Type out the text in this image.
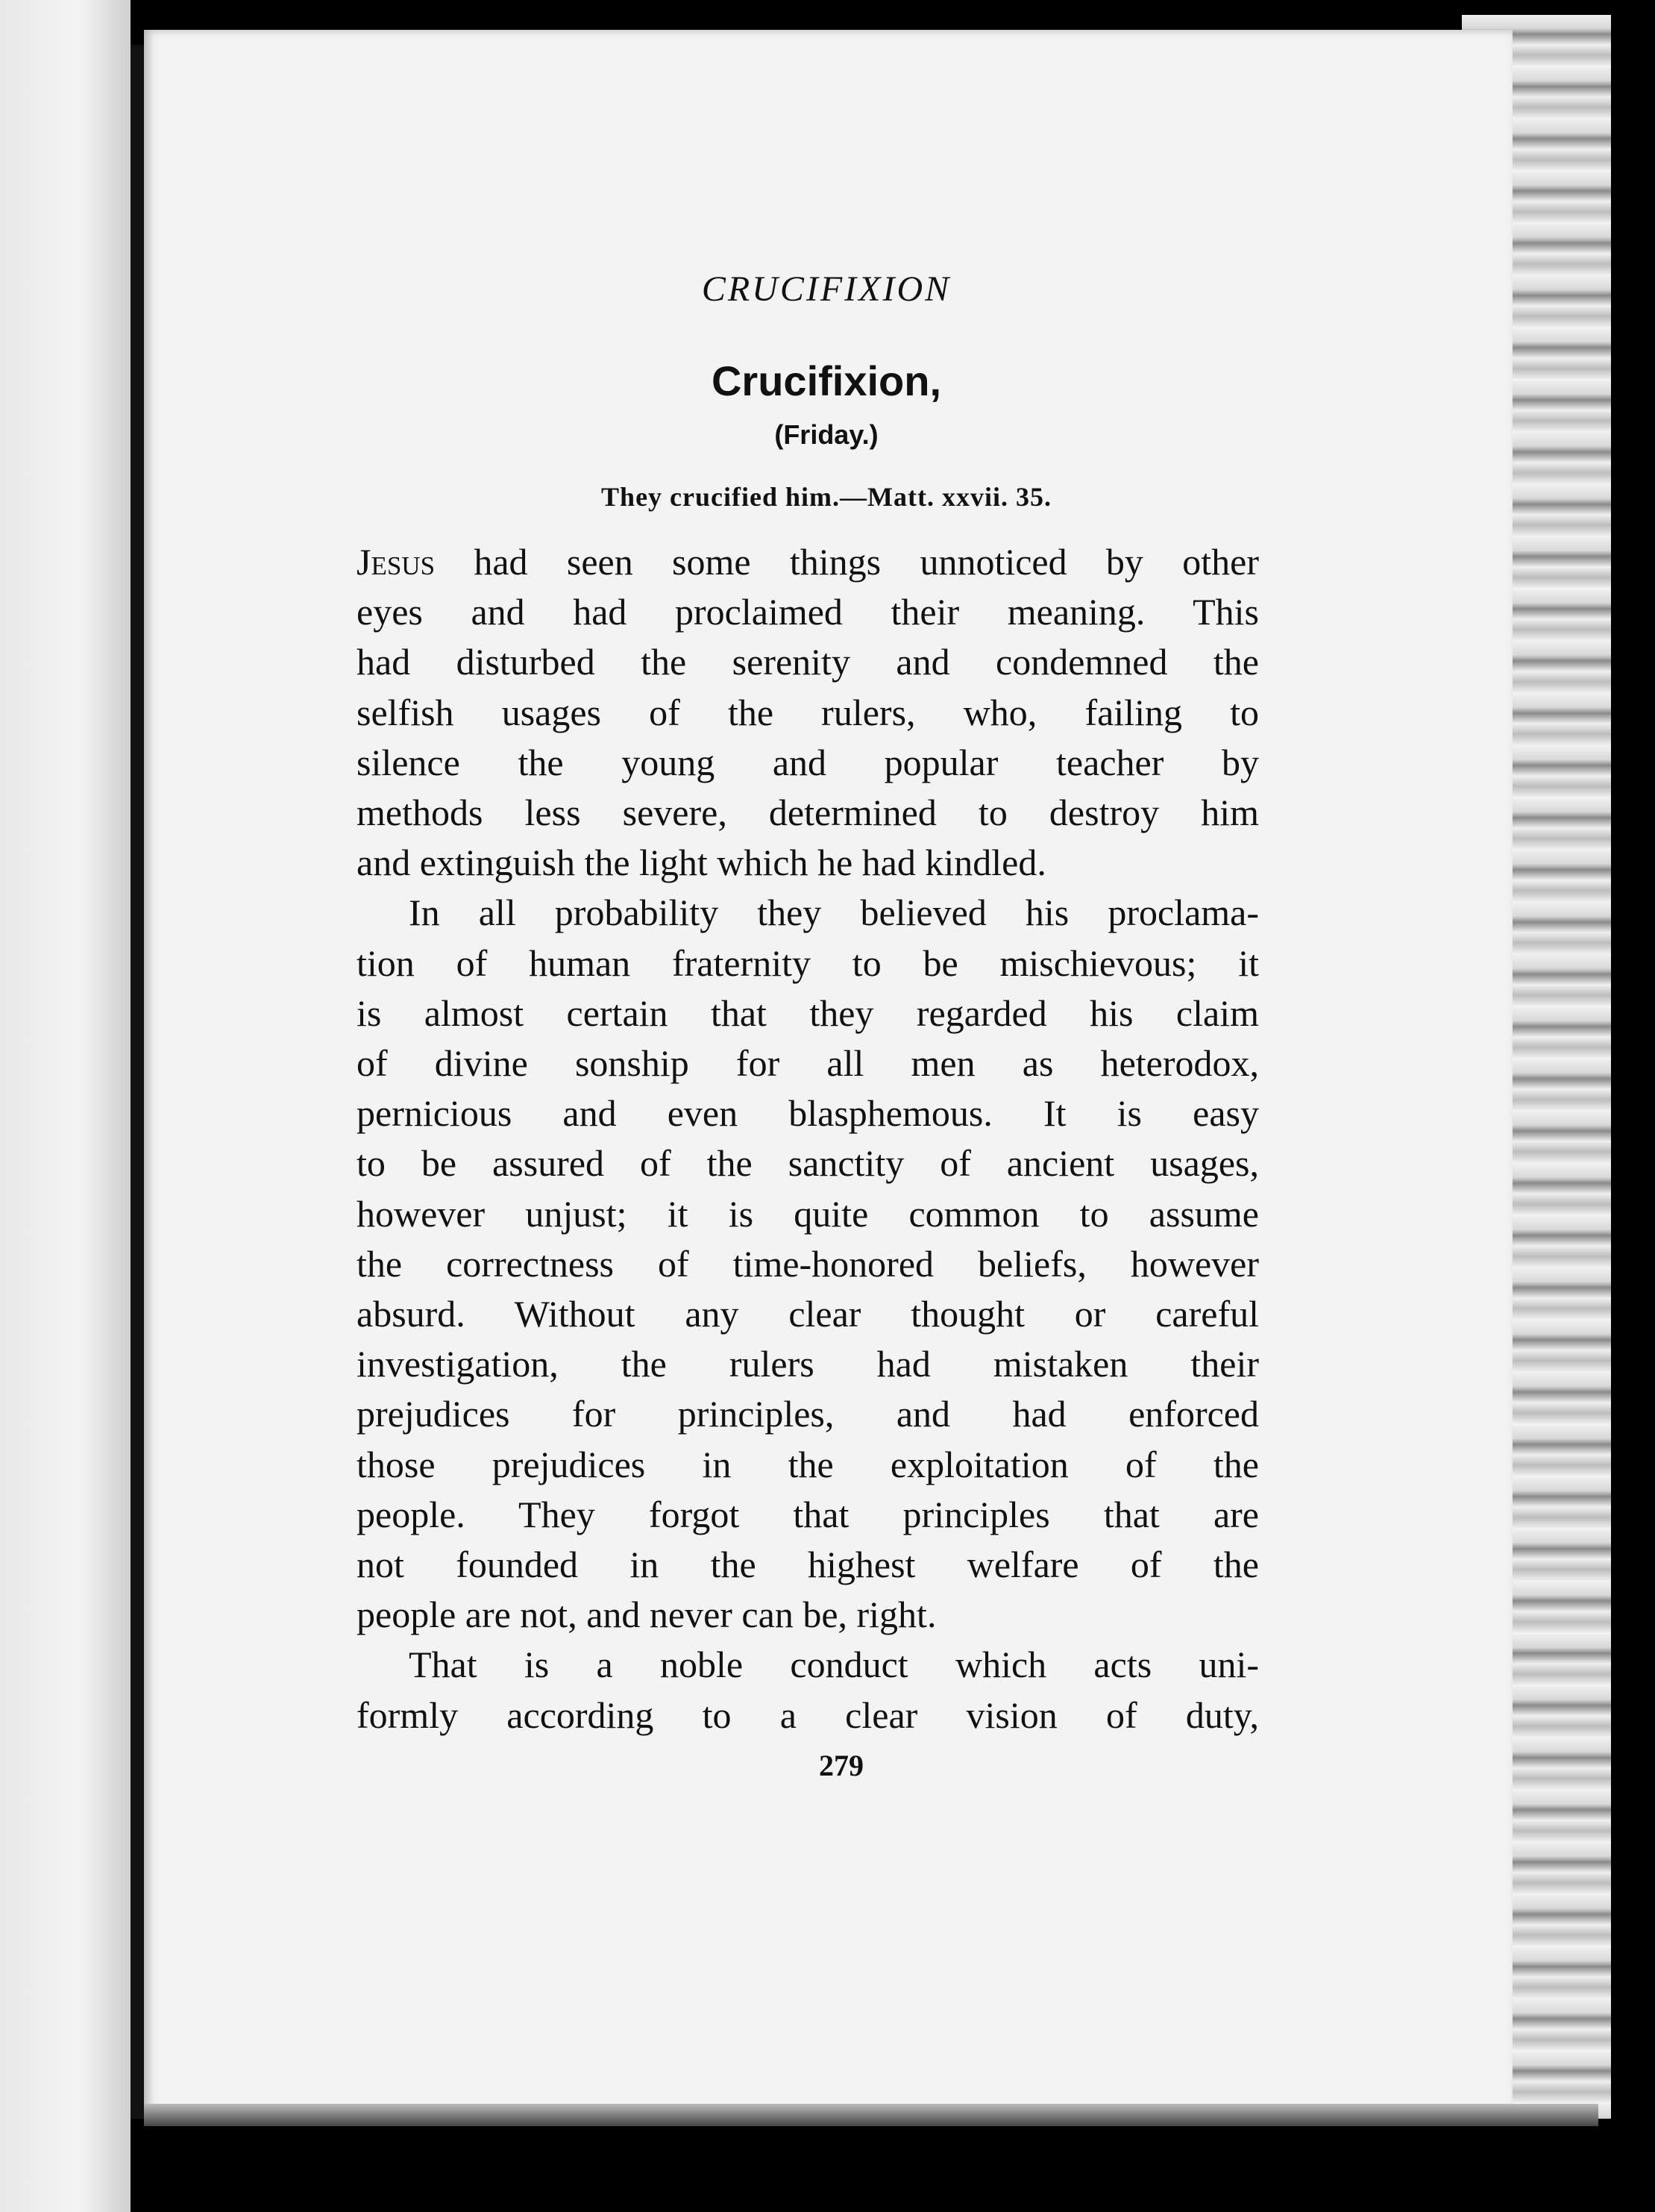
CRUCIFIXION
Crucifixion,
(Friday.)
They crucified him.—Matt. xxvii. 35.
Jesus had seen some things unnoticed by other
eyes and had proclaimed their meaning. This
had disturbed the serenity and condemned the
selfish usages of the rulers, who, failing to
silence the young and popular teacher by
methods less severe, determined to destroy him
and extinguish the light which he had kindled.
In all probability they believed his proclama-
tion of human fraternity to be mischievous; it
is almost certain that they regarded his claim
of divine sonship for all men as heterodox,
pernicious and even blasphemous. It is easy
to be assured of the sanctity of ancient usages,
however unjust; it is quite common to assume
the correctness of time-honored beliefs, however
absurd. Without any clear thought or careful
investigation, the rulers had mistaken their
prejudices for principles, and had enforced
those prejudices in the exploitation of the
people. They forgot that principles that are
not founded in the highest welfare of the
people are not, and never can be, right.
That is a noble conduct which acts uni-
formly according to a clear vision of duty,
279
